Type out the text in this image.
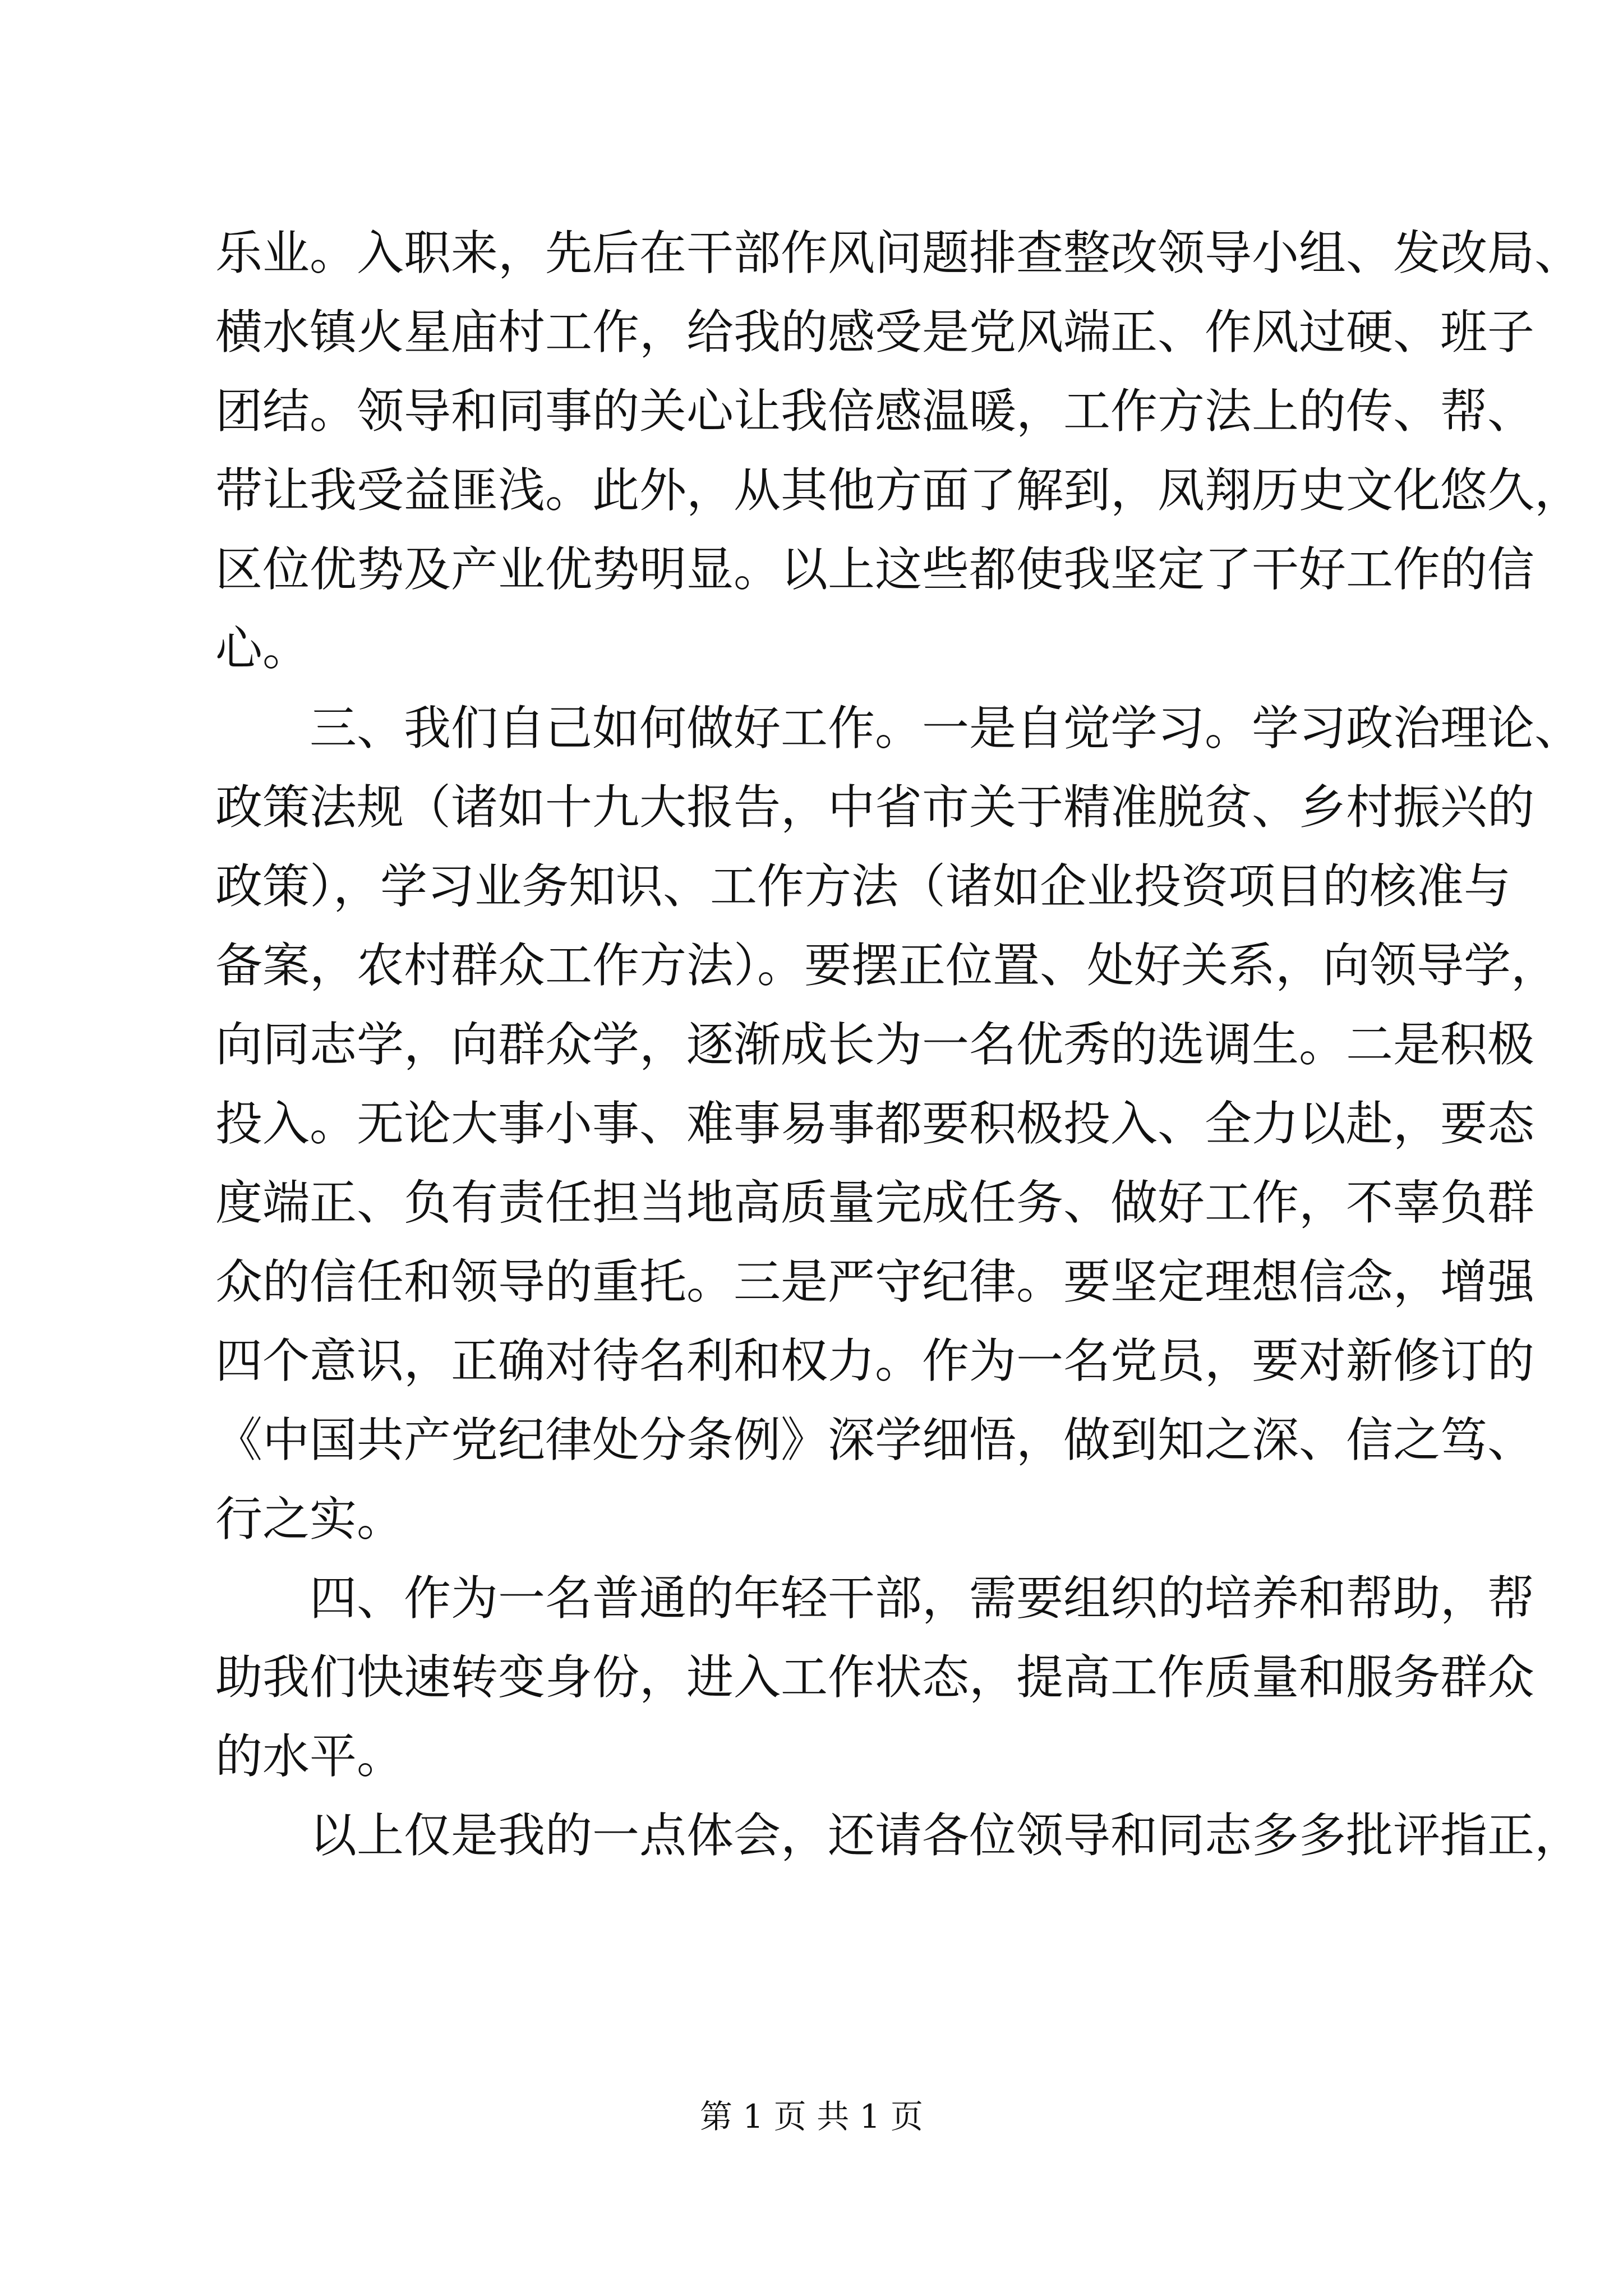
乐业。入职来，先后在干部作风问题排查整改领导小组、发改局、
横水镇火星庙村工作，给我的感受是党风端正、作风过硬、班子
团结。领导和同事的关心让我倍感温暖，工作方法上的传、帮、
带让我受益匪浅。此外，从其他方面了解到，凤翔历史文化悠久，
区位优势及产业优势明显。以上这些都使我坚定了干好工作的信
心。
　　三、我们自己如何做好工作。一是自觉学习。学习政治理论、
政策法规（诸如十九大报告，中省市关于精准脱贫、乡村振兴的
政策），学习业务知识、工作方法（诸如企业投资项目的核准与
备案，农村群众工作方法）。要摆正位置、处好关系，向领导学，
向同志学，向群众学，逐渐成长为一名优秀的选调生。二是积极
投入。无论大事小事、难事易事都要积极投入、全力以赴，要态
度端正、负有责任担当地高质量完成任务、做好工作，不辜负群
众的信任和领导的重托。三是严守纪律。要坚定理想信念，增强
四个意识，正确对待名利和权力。作为一名党员，要对新修订的
《中国共产党纪律处分条例》深学细悟，做到知之深、信之笃、
行之实。
　　四、作为一名普通的年轻干部，需要组织的培养和帮助，帮
助我们快速转变身份，进入工作状态，提高工作质量和服务群众
的水平。
　　以上仅是我的一点体会，还请各位领导和同志多多批评指正，
第 1 页 共 1 页
